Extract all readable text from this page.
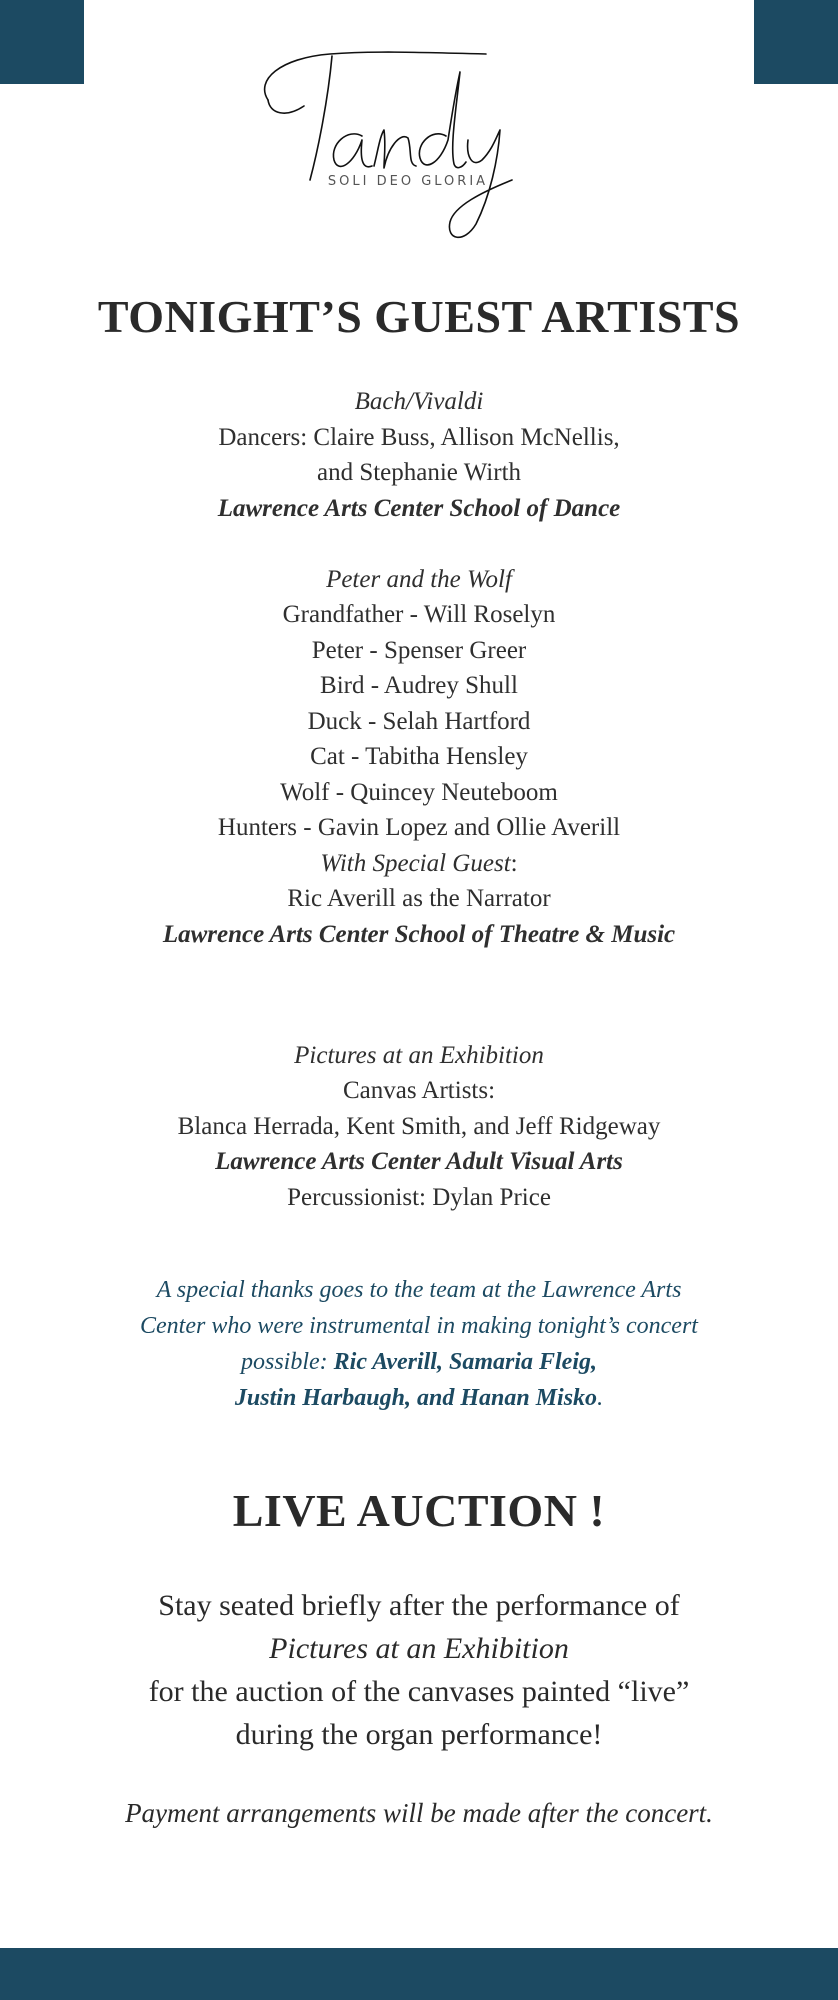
SOLI DEO GLORIA
TONIGHT’S GUEST ARTISTS
Bach/Vivaldi
Dancers: Claire Buss, Allison McNellis,
and Stephanie Wirth
Lawrence Arts Center School of Dance
Peter and the Wolf
Grandfather - Will Roselyn
Peter - Spenser Greer
Bird - Audrey Shull
Duck - Selah Hartford
Cat - Tabitha Hensley
Wolf - Quincey Neuteboom
Hunters - Gavin Lopez and Ollie Averill
With Special Guest:
Ric Averill as the Narrator
Lawrence Arts Center School of Theatre & Music
Pictures at an Exhibition
Canvas Artists:
Blanca Herrada, Kent Smith, and Jeff Ridgeway
Lawrence Arts Center Adult Visual Arts
Percussionist: Dylan Price
A special thanks goes to the team at the Lawrence Arts
Center who were instrumental in making tonight’s concert
possible: Ric Averill, Samaria Fleig,
Justin Harbaugh, and Hanan Misko.
LIVE AUCTION !
Stay seated briefly after the performance of
Pictures at an Exhibition
for the auction of the canvases painted “live”
during the organ performance!
Payment arrangements will be made after the concert.
